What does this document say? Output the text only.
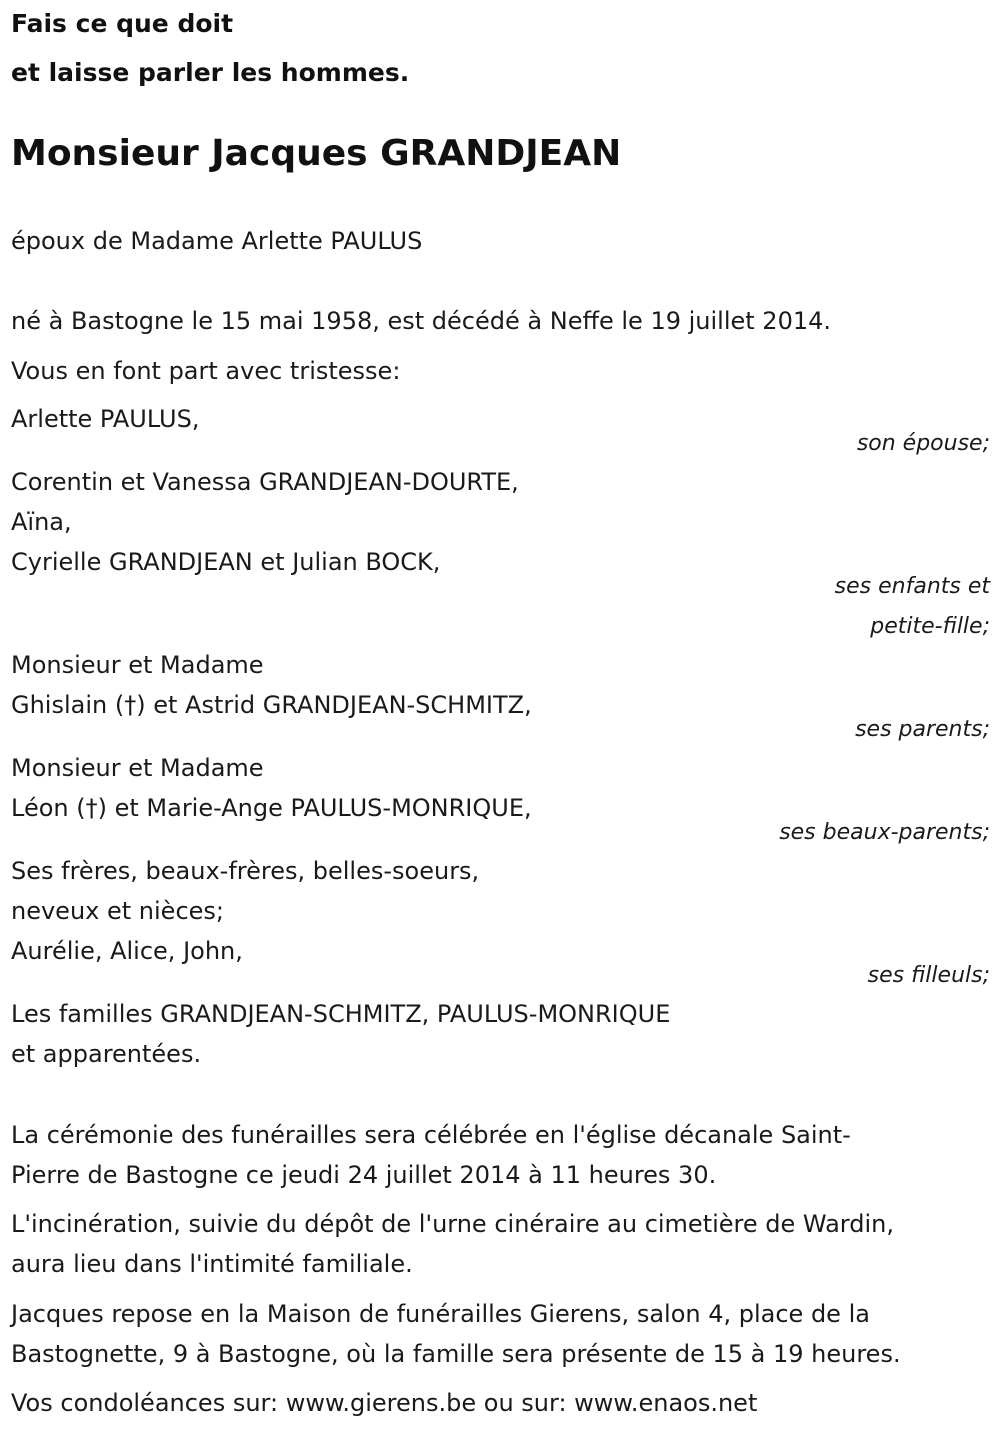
Fais ce que doit

et laisse parler les hommes.

Monsieur Jacques GRANDJEAN

époux de Madame Arlette PAULUS

né à Bastogne le 15 mai 1958, est décédé à Neffe le 19 juillet 2014.

Vous en font part avec tristesse:

Arlette PAULUS,

son épouse;

Corentin et Vanessa GRANDJEAN-DOURTE,

Aïna,

Cyrielle GRANDJEAN et Julian BOCK,

ses enfants et

petite-fille;

Monsieur et Madame

Ghislain (†) et Astrid GRANDJEAN-SCHMITZ,

ses parents;

Monsieur et Madame

Léon (†) et Marie-Ange PAULUS-MONRIQUE,

ses beaux-parents;

Ses frères, beaux-frères, belles-soeurs,

neveux et nièces;

Aurélie, Alice, John,

ses filleuls;

Les familles GRANDJEAN-SCHMITZ, PAULUS-MONRIQUE

et apparentées.

La cérémonie des funérailles sera célébrée en l'église décanale Saint-

Pierre de Bastogne ce jeudi 24 juillet 2014 à 11 heures 30.

L'incinération, suivie du dépôt de l'urne cinéraire au cimetière de Wardin,

aura lieu dans l'intimité familiale.

Jacques repose en la Maison de funérailles Gierens, salon 4, place de la

Bastognette, 9 à Bastogne, où la famille sera présente de 15 à 19 heures.

Vos condoléances sur: www.gierens.be ou sur: www.enaos.net
